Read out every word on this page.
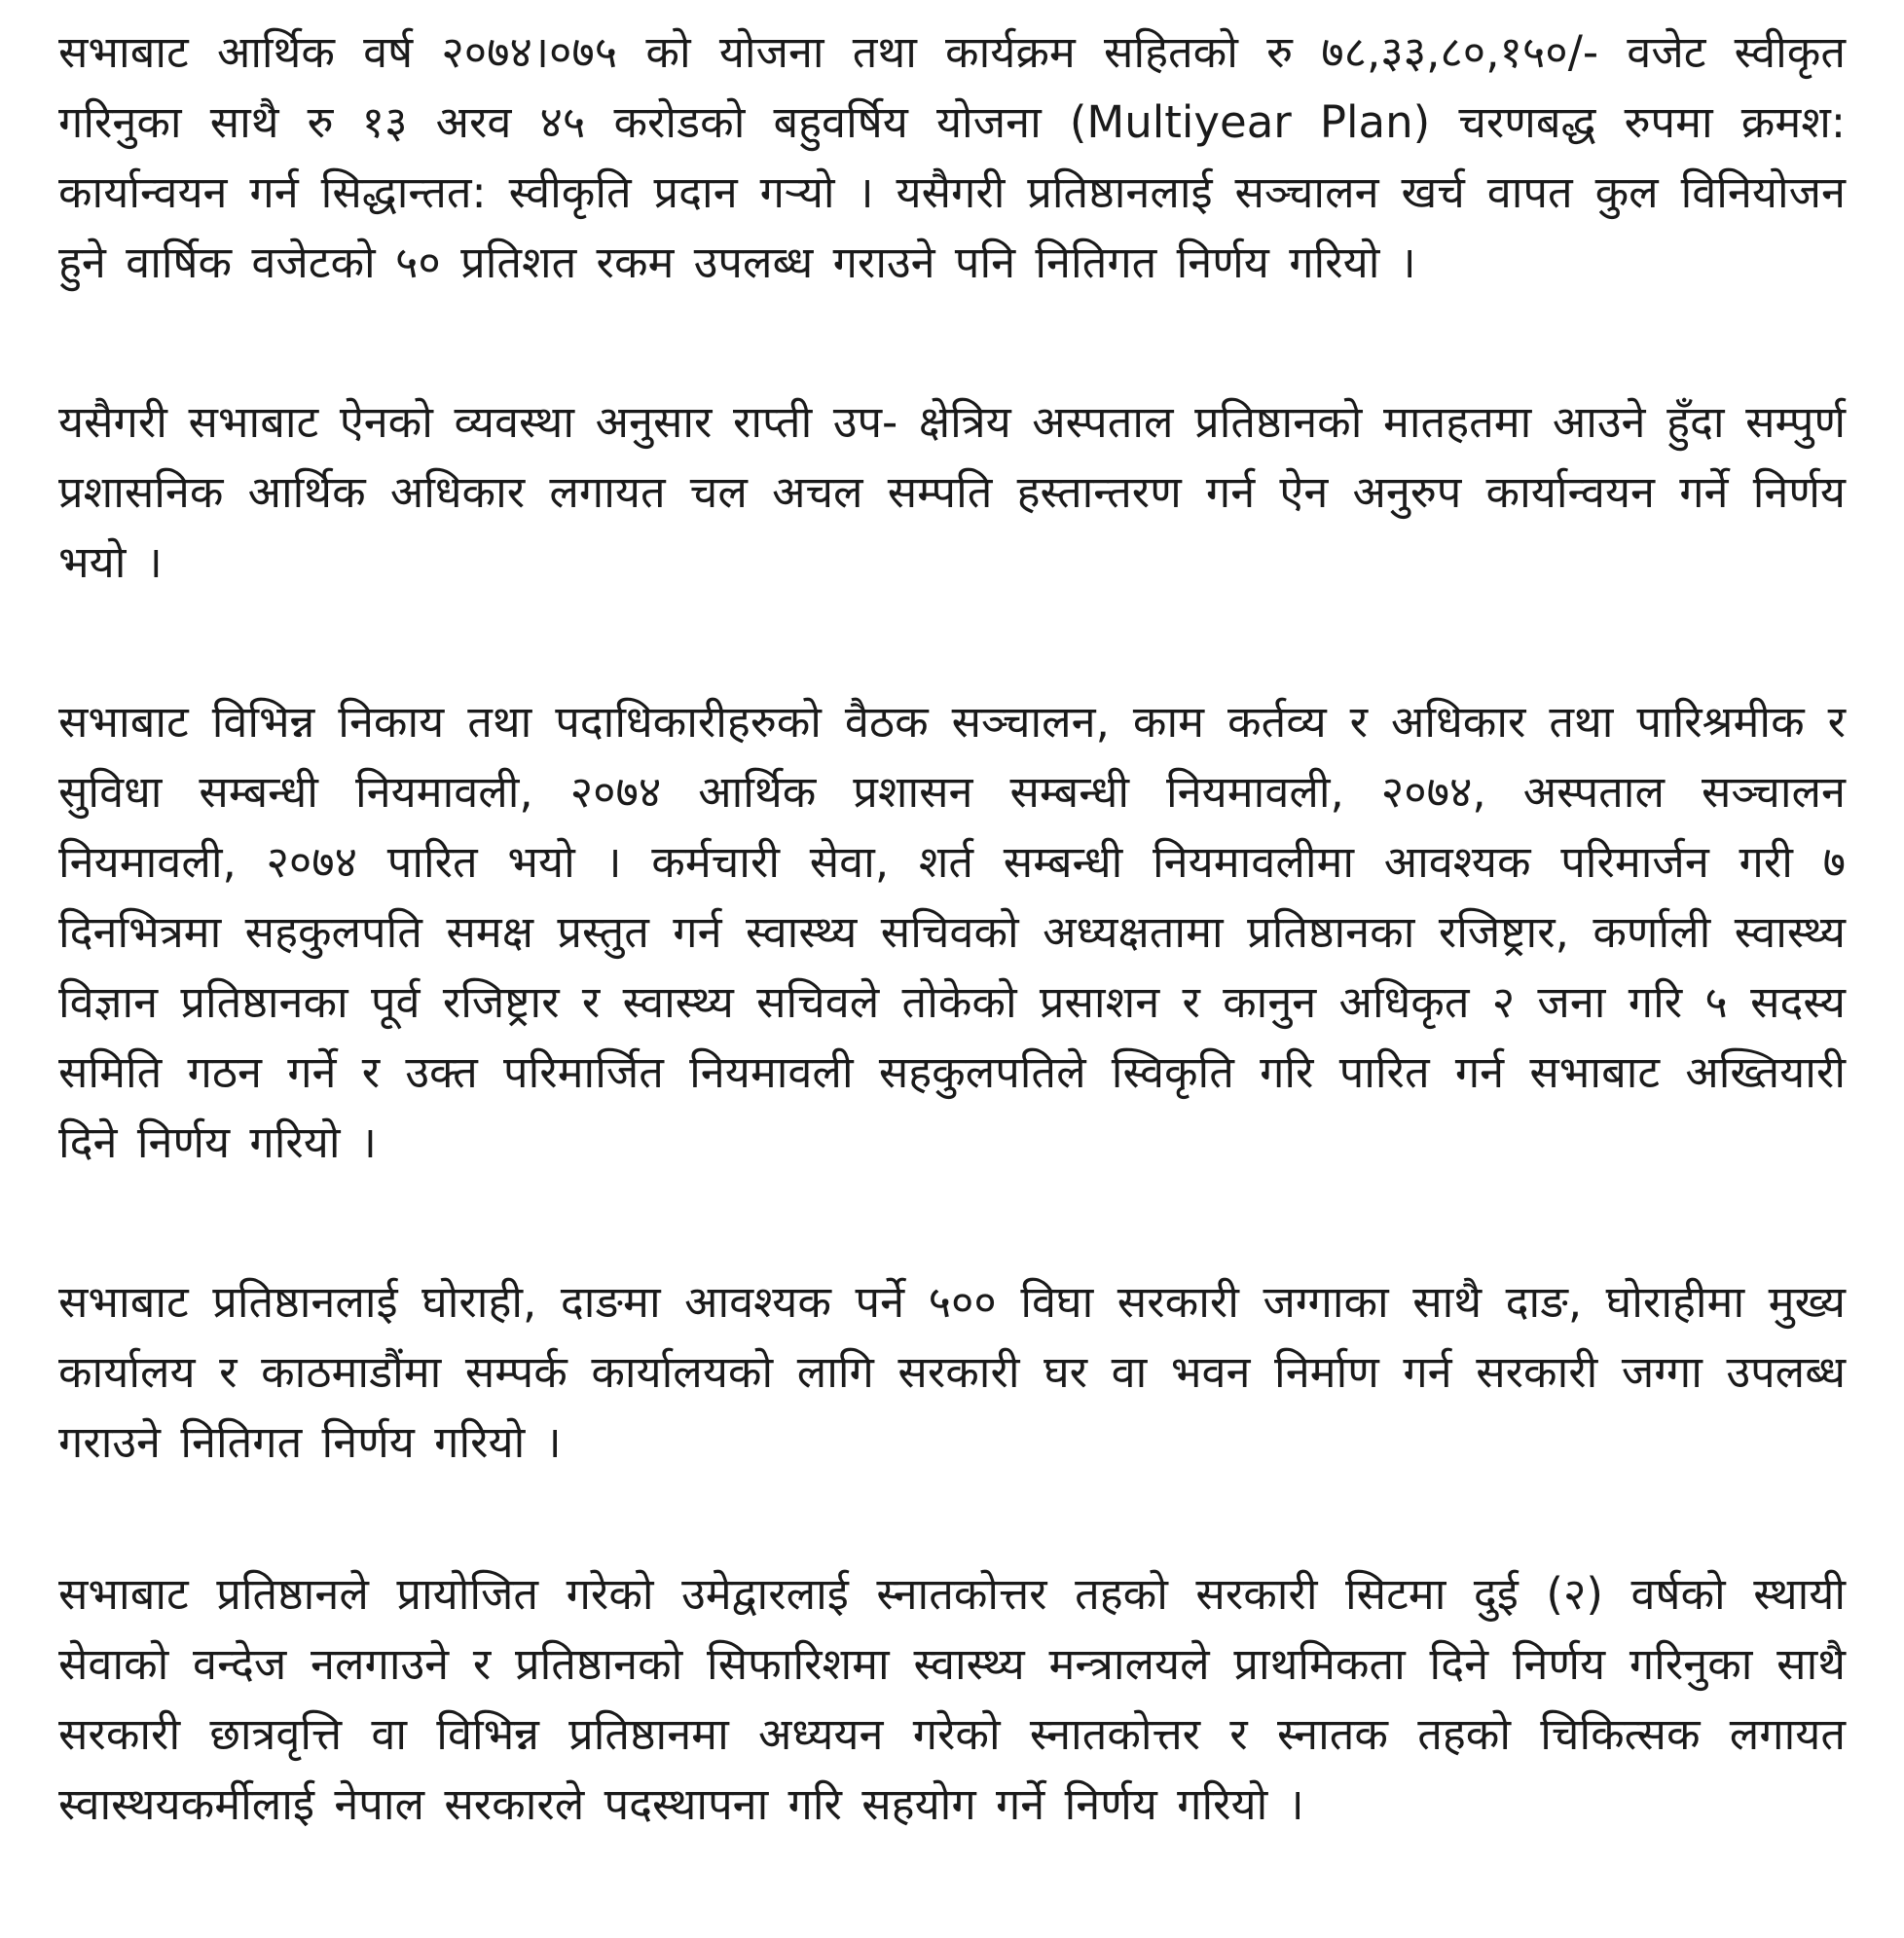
सभाबाट आर्थिक वर्ष २०७४।०७५ को योजना तथा कार्यक्रम सहितको रु ७८,३३,८०,१५०/- वजेट स्वीकृत गरिनुका साथै रु १३ अरव ४५ करोडको बहुवर्षिय योजना (Multiyear Plan) चरणबद्ध रुपमा क्रमश: कार्यान्वयन गर्न सिद्धान्तत: स्वीकृति प्रदान गर्‍यो । यसैगरी प्रतिष्ठानलाई सञ्चालन खर्च वापत कुल विनियोजन हुने वार्षिक वजेटको ५० प्रतिशत रकम उपलब्ध गराउने पनि नितिगत निर्णय गरियो ।

यसैगरी सभाबाट ऐनको व्यवस्था अनुसार राप्ती उप- क्षेत्रिय अस्पताल प्रतिष्ठानको मातहतमा आउने हुँदा सम्पुर्ण प्रशासनिक आर्थिक अधिकार लगायत चल अचल सम्पति हस्तान्तरण गर्न ऐन अनुरुप कार्यान्वयन गर्ने निर्णय भयो ।

सभाबाट विभिन्न निकाय तथा पदाधिकारीहरुको वैठक सञ्चालन, काम कर्तव्य र अधिकार तथा पारिश्रमीक र सुविधा सम्बन्धी नियमावली, २०७४ आर्थिक प्रशासन सम्बन्धी नियमावली, २०७४, अस्पताल सञ्चालन नियमावली, २०७४ पारित भयो । कर्मचारी सेवा, शर्त सम्बन्धी नियमावलीमा आवश्यक परिमार्जन गरी ७ दिनभित्रमा सहकुलपति समक्ष प्रस्तुत गर्न स्वास्थ्य सचिवको अध्यक्षतामा प्रतिष्ठानका रजिष्ट्रार, कर्णाली स्वास्थ्य विज्ञान प्रतिष्ठानका पूर्व रजिष्ट्रार र स्वास्थ्य सचिवले तोकेको प्रसाशन र कानुन अधिकृत २ जना गरि ५ सदस्य समिति गठन गर्ने र उक्त परिमार्जित नियमावली सहकुलपतिले स्विकृति गरि पारित गर्न सभाबाट अख्तियारी दिने निर्णय गरियो ।

सभाबाट प्रतिष्ठानलाई घोराही, दाङमा आवश्यक पर्ने ५०० विघा सरकारी जग्गाका साथै दाङ, घोराहीमा मुख्य कार्यालय र काठमाडौंमा सम्पर्क कार्यालयको लागि सरकारी घर वा भवन निर्माण गर्न सरकारी जग्गा उपलब्ध गराउने नितिगत निर्णय गरियो ।

सभाबाट प्रतिष्ठानले प्रायोजित गरेको उमेद्वारलाई स्नातकोत्तर तहको सरकारी सिटमा दुई (२) वर्षको स्थायी सेवाको वन्देज नलगाउने र प्रतिष्ठानको सिफारिशमा स्वास्थ्य मन्त्रालयले प्राथमिकता दिने निर्णय गरिनुका साथै सरकारी छात्रवृत्ति वा विभिन्न प्रतिष्ठानमा अध्ययन गरेको स्नातकोत्तर र स्नातक तहको चिकित्सक लगायत स्वास्थयकर्मीलाई नेपाल सरकारले पदस्थापना गरि सहयोग गर्ने निर्णय गरियो ।
